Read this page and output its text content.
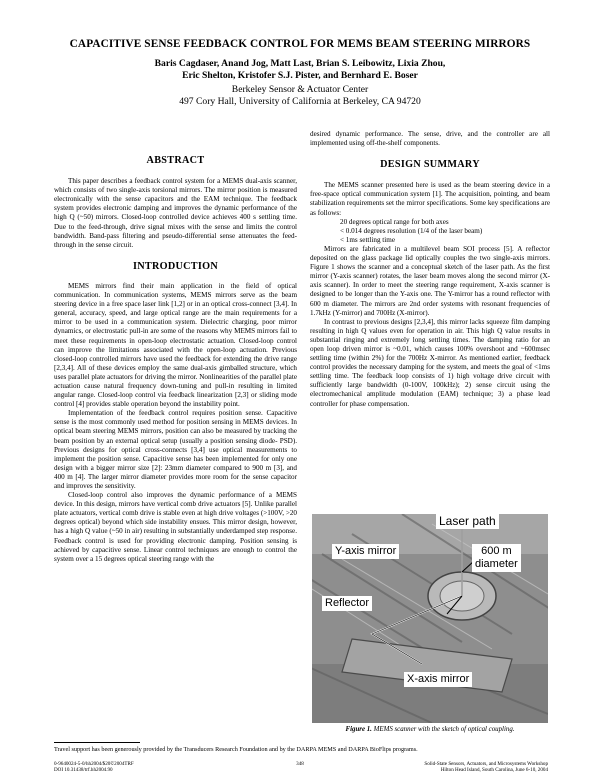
CAPACITIVE SENSE FEEDBACK CONTROL FOR MEMS BEAM STEERING MIRRORS
Baris Cagdaser, Anand Jog, Matt Last, Brian S. Leibowitz, Lixia Zhou,
Eric Shelton, Kristofer S.J. Pister, and Bernhard E. Boser
Berkeley Sensor & Actuator Center
497 Cory Hall, University of California at Berkeley, CA 94720
ABSTRACT

This paper describes a feedback control system for a MEMS dual-axis scanner, which consists of two single-axis torsional mirrors. The mirror position is measured electronically with the sense capacitors and the EAM technique. The feedback system provides electronic damping and improves the dynamic performance of the high Q (~50) mirrors. Closed-loop controlled device achieves 400 s settling time. Due to the feed-through, drive signal mixes with the sense and limits the control bandwidth. Band-pass filtering and pseudo-differential sense attenuates the feed-through in the sense circuit.

INTRODUCTION

MEMS mirrors find their main application in the field of optical communication. In communication systems, MEMS mirrors serve as the beam steering device in a free space laser link [1,2] or in an optical cross-connect [3,4]. In general, accuracy, speed, and large optical range are the main requirements for a mirror to be used in a communication system. Dielectric charging, poor mirror dynamics, or electrostatic pull-in are some of the reasons why MEMS mirrors fail to meet these requirements in open-loop electrostatic actuation. Closed-loop control can improve the limitations associated with the open-loop actuation. Previous closed-loop controlled mirrors have used the feedback for extending the drive range [2,3,4]. All of these devices employ the same dual-axis gimballed structure, which uses parallel plate actuators for driving the mirror. Nonlinearities of the parallel plate actuation cause natural frequency down-tuning and pull-in resulting in limited angular range. Closed-loop control via feedback linearization [2,3] or sliding mode control [4] provides stable operation beyond the instability point.

Implementation of the feedback control requires position sense. Capacitive sense is the most commonly used method for position sensing in MEMS devices. In optical beam steering MEMS mirrors, position can also be measured by tracking the beam position by an external optical setup (usually a position sensing diode- PSD). Previous designs for optical cross-connects [3,4] use optical measurements to implement the position sense. Capacitive sense has been implemented for only one design with a bigger mirror size [2]: 23mm diameter compared to 900 m [3], and 400 m [4]. The larger mirror diameter provides more room for the sense capacitor and improves the sensitivity.

Closed-loop control also improves the dynamic performance of a MEMS device. In this design, mirrors have vertical comb drive actuators [5]. Unlike parallel plate actuators, vertical comb drive is stable even at high drive voltages (>100V, >20 degrees optical) beyond which side instability ensues. This mirror design, however, has a high Q value (~50 in air) resulting in substantially underdamped step response. Feedback control is used for providing electronic damping. Position sensing is achieved by capacitive sense. Linear control techniques are enough to control the system over a 15 degrees optical steering range with the

desired dynamic performance. The sense, drive, and the controller are all implemented using off-the-shelf components.

DESIGN SUMMARY

The MEMS scanner presented here is used as the beam steering device in a free-space optical communication system [1]. The acquisition, pointing, and beam stabilization requirements set the mirror specifications. Some key specifications are as follows:

20 degrees optical range for both axes
< 0.014 degrees resolution (1/4 of the laser beam)
< 1ms settling time

Mirrors are fabricated in a multilevel beam SOI process [5]. A reflector deposited on the glass package lid optically couples the two single-axis mirrors. Figure 1 shows the scanner and a conceptual sketch of the laser path. As the first mirror (Y-axis scanner) rotates, the laser beam moves along the second mirror (X-axis scanner). In order to meet the steering range requirement, X-axis scanner is designed to be longer than the Y-axis one. The Y-mirror has a round reflector with 600 m diameter. The mirrors are 2nd order systems with resonant frequencies of 1.7kHz (Y-mirror) and 700Hz (X-mirror).

In contrast to previous designs [2,3,4], this mirror lacks squeeze film damping resulting in high Q values even for operation in air. This high Q value results in substantial ringing and extremely long settling times. The damping ratio for an open loop driven mirror is ~0.01, which causes 100% overshoot and ~600msec settling time (within 2%) for the 700Hz X-mirror. As mentioned earlier, feedback control provides the necessary damping for the system, and meets the goal of <1ms settling time. The feedback loop consists of 1) high voltage drive circuit with sufficiently large bandwidth (0-100V, 100kHz); 2) sense circuit using the electromechanical amplitude modulation (EAM) technique; 3) a phase lead controller for phase compensation.

Laser path
Y-axis mirror	600 m
diameter
Reflector
X-axis mirror
Figure 1. MEMS scanner with the sketch of optical coupling.
Travel support has been generously provided by the Transducers Research Foundation and by the DARPA MEMS and DARPA BioFlips programs.
0-9640024-5-0/hh2004/$20©2004TRF
DOI 10.31438/trf.hh2004.90
348	Solid-State Sensors, Actuators, and Microsystems Workshop
Hilton Head Island, South Carolina, June 6-10, 2004
